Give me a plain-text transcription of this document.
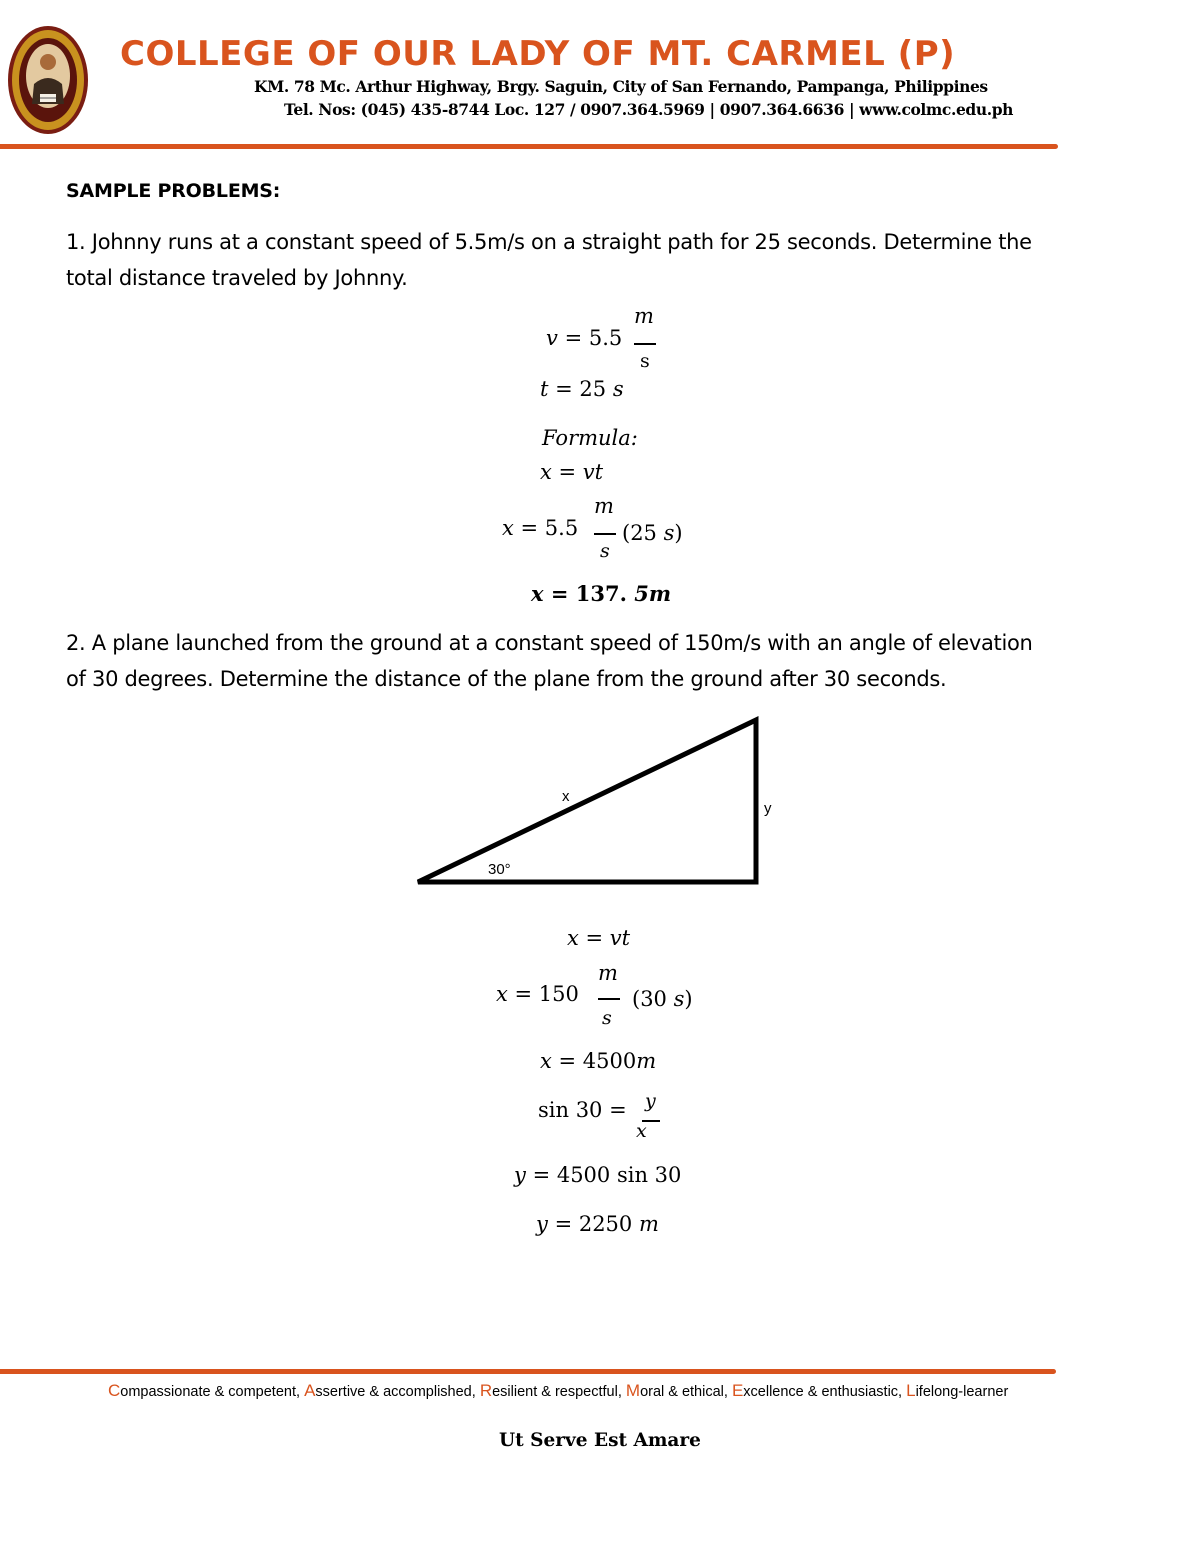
COLLEGE OF OUR LADY OF MT. CARMEL (P)
KM. 78 Mc. Arthur Highway, Brgy. Saguin, City of San Fernando, Pampanga, Philippines
Tel. Nos: (045) 435-8744 Loc. 127 / 0907.364.5969 | 0907.364.6636 | www.colmc.edu.ph
SAMPLE PROBLEMS:
1. Johnny runs at a constant speed of 5.5m/s on a straight path for 25 seconds. Determine the
total distance traveled by Johnny.
v = 5.5
m
s
t = 25 s
Formula:
x = vt
x = 5.5
m
s
(25 s)
x = 137. 5m
2. A plane launched from the ground at a constant speed of 150m/s with an angle of elevation
of 30 degrees. Determine the distance of the plane from the ground after 30 seconds.
x
y
30°
x = vt
x = 150
m
s
(30 s)
x = 4500m
sin 30 = y
x
y = 4500 sin 30
y = 2250 m
Compassionate & competent, Assertive & accomplished, Resilient & respectful, Moral & ethical, Excellence & enthusiastic, Lifelong-learner
Ut Serve Est Amare
